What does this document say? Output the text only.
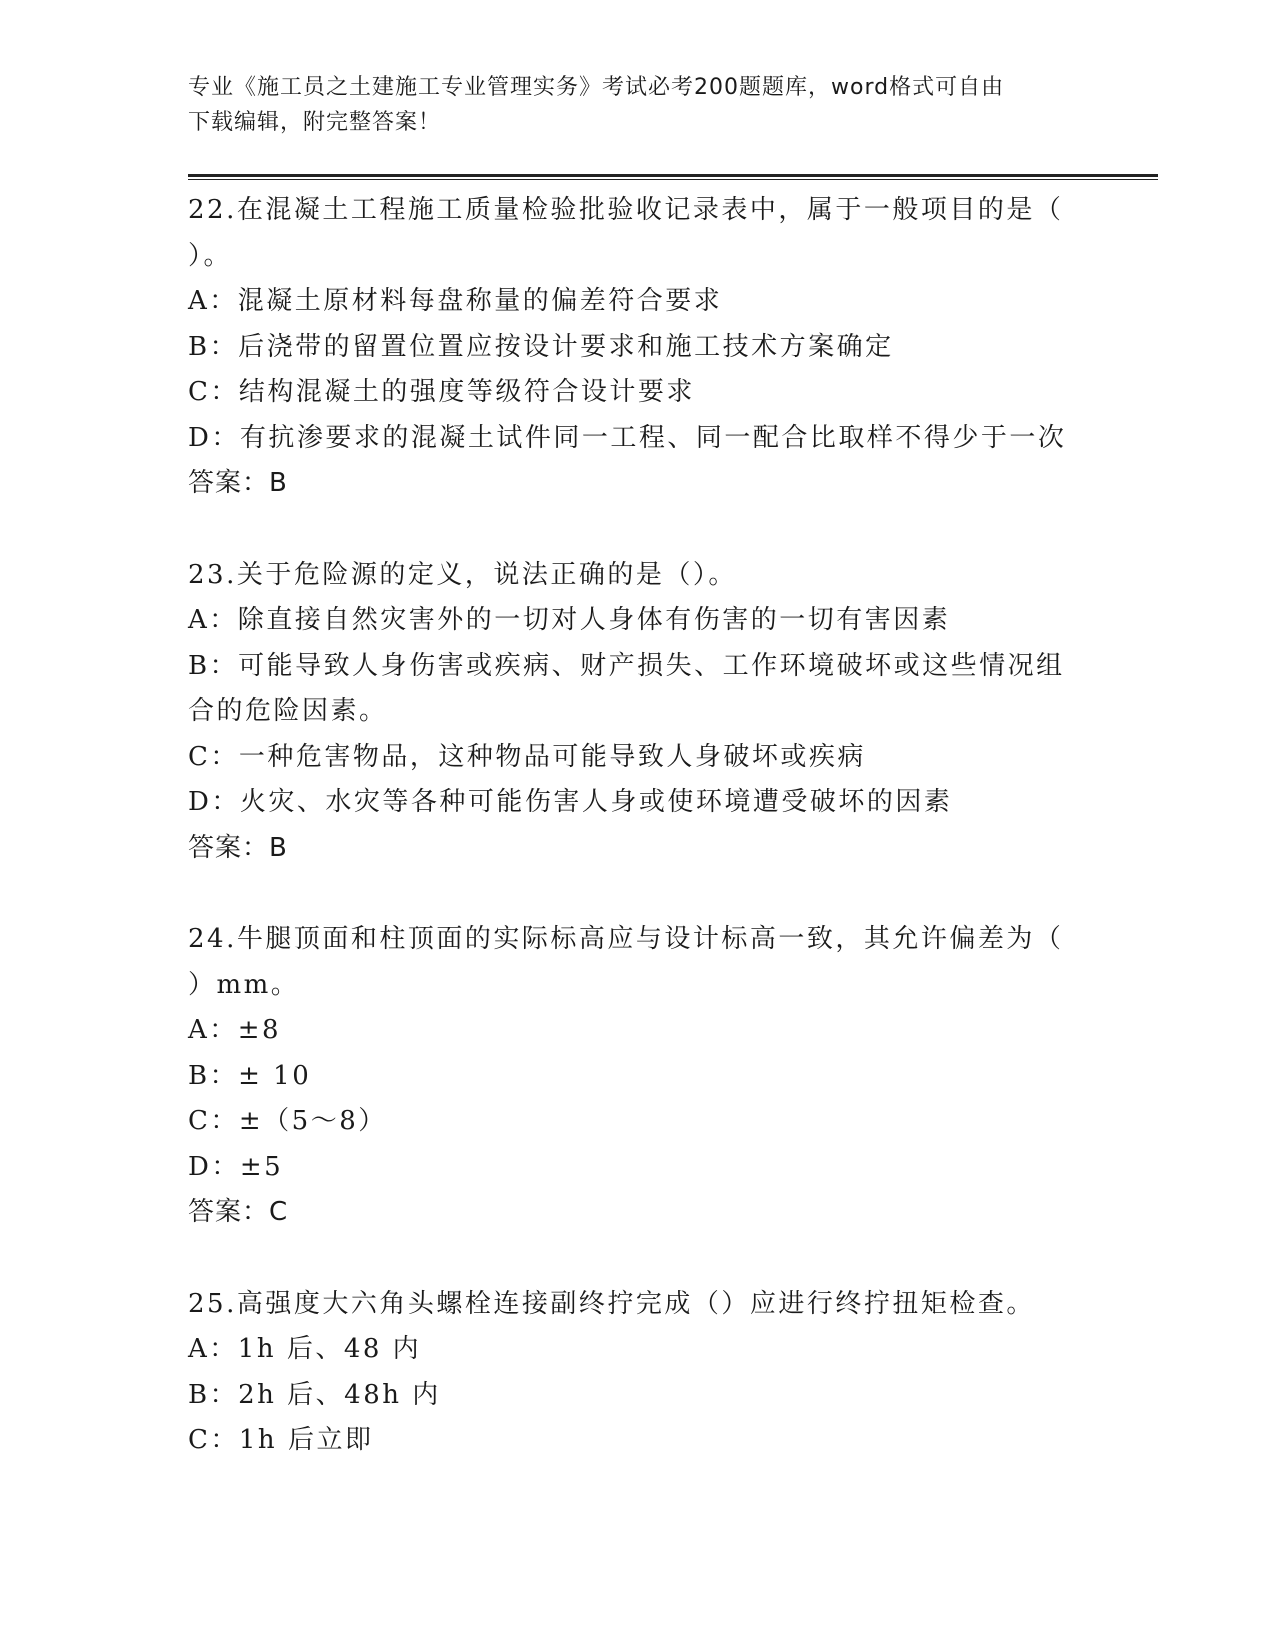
专业《施工员之土建施工专业管理实务》考试必考200题题库，word格式可自由
下载编辑，附完整答案！
22.在混凝土工程施工质量检验批验收记录表中，属于一般项目的是（
）。
A：混凝土原材料每盘称量的偏差符合要求
B：后浇带的留置位置应按设计要求和施工技术方案确定
C：结构混凝土的强度等级符合设计要求
D：有抗渗要求的混凝土试件同一工程、同一配合比取样不得少于一次
答案：B
23.关于危险源的定义，说法正确的是（）。
A：除直接自然灾害外的一切对人身体有伤害的一切有害因素
B：可能导致人身伤害或疾病、财产损失、工作环境破坏或这些情况组
合的危险因素。
C：一种危害物品，这种物品可能导致人身破坏或疾病
D：火灾、水灾等各种可能伤害人身或使环境遭受破坏的因素
答案：B
24.牛腿顶面和柱顶面的实际标高应与设计标高一致，其允许偏差为（
）mm。
A：±8
B：± 10
C：±（5～8）
D：±5
答案：C
25.高强度大六角头螺栓连接副终拧完成（）应进行终拧扭矩检查。
A：1h 后、48 内
B：2h 后、48h 内
C：1h 后立即
